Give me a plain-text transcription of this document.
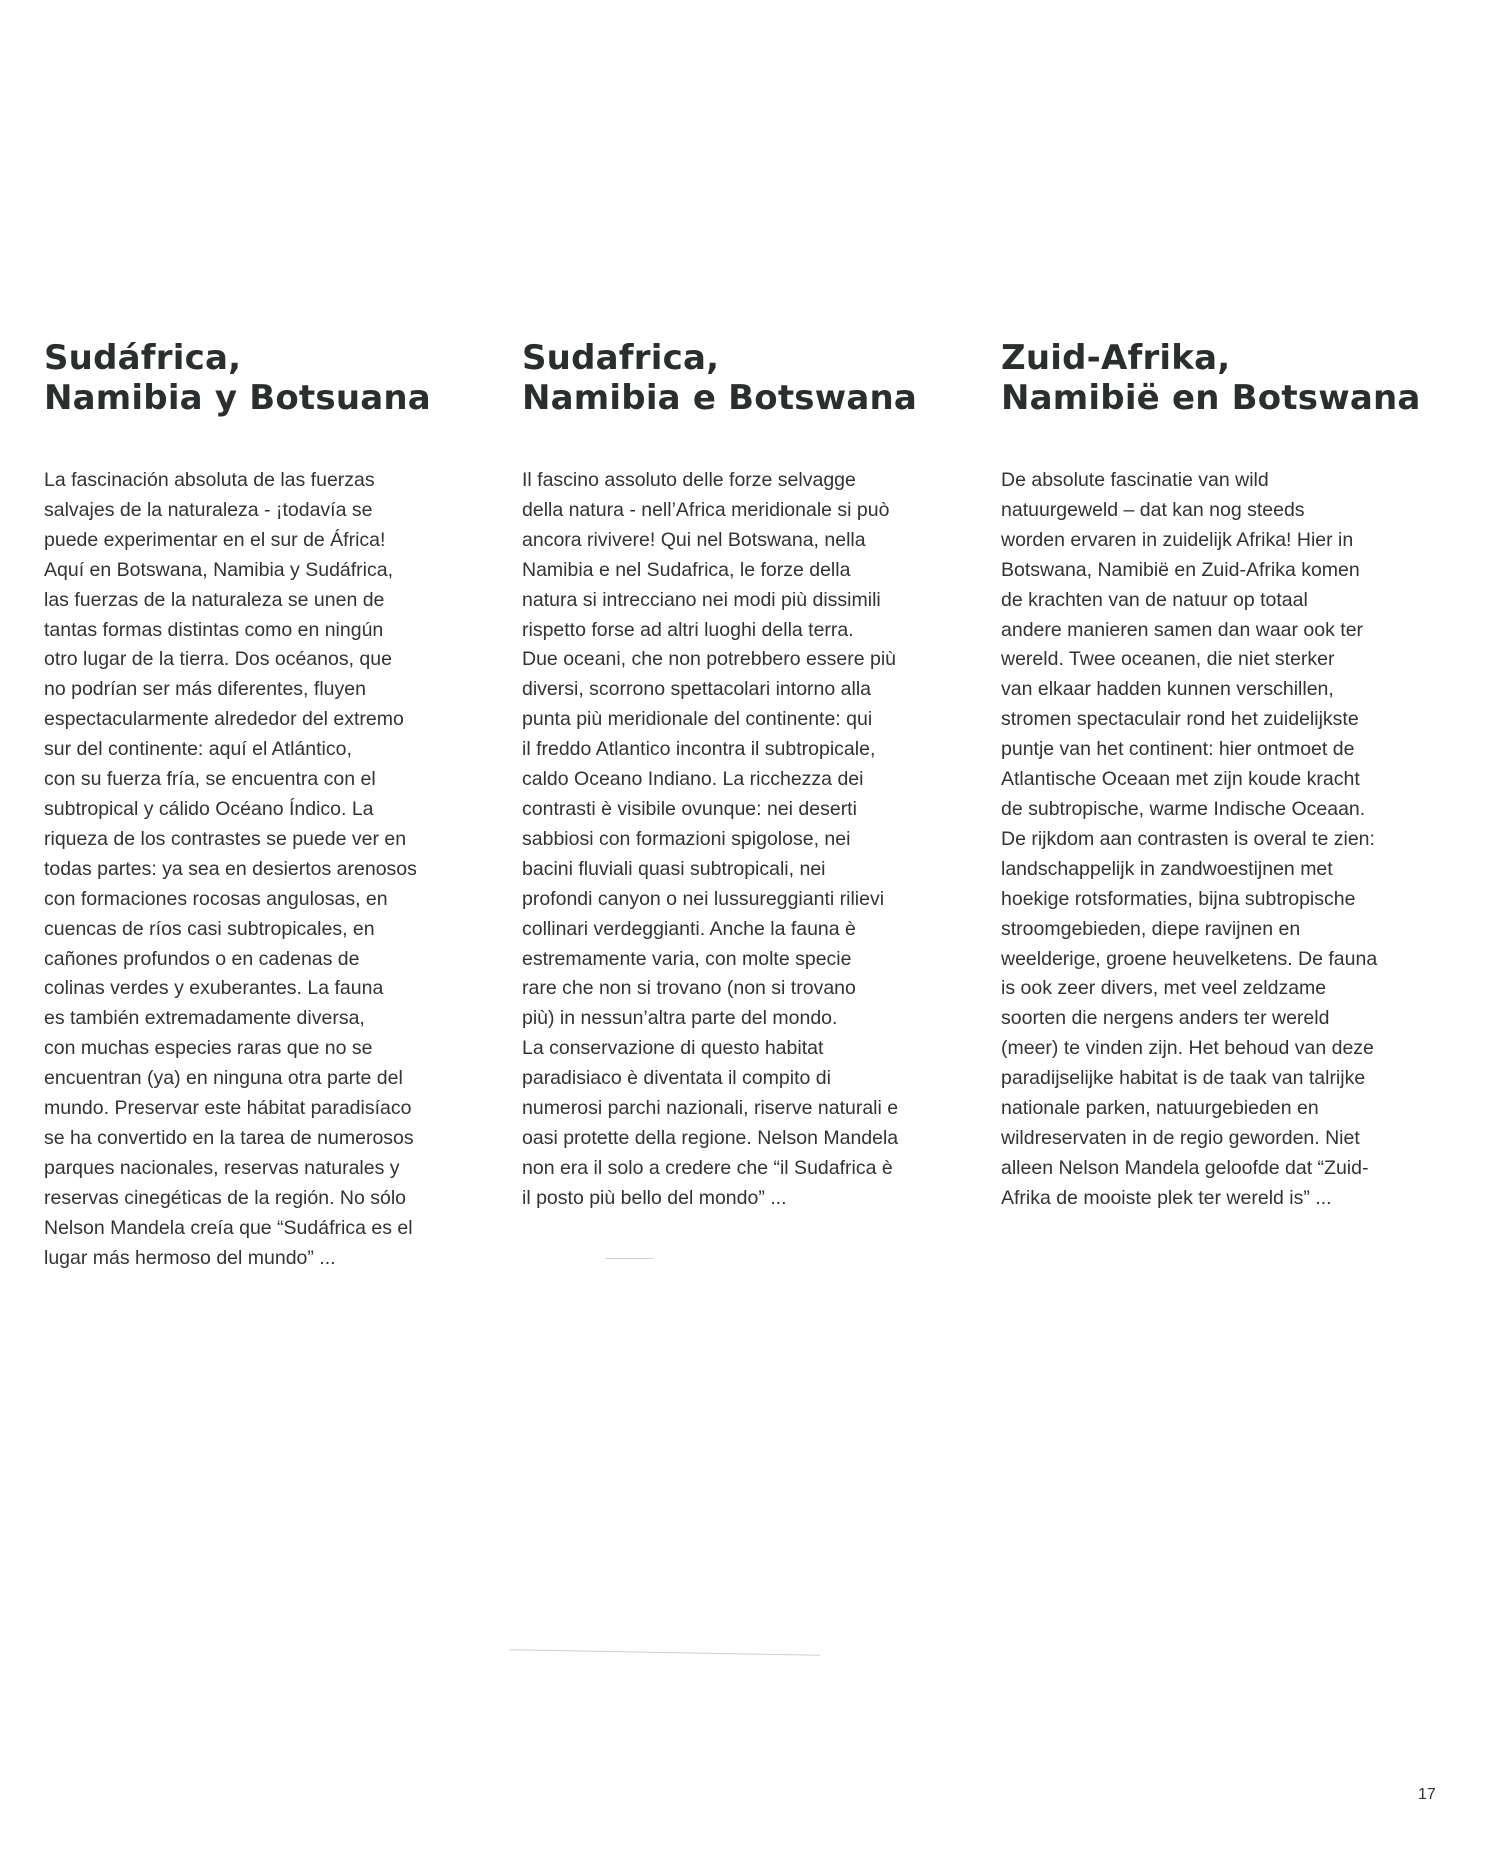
Sudáfrica,
Namibia y Botsuana
La fascinación absoluta de las fuerzas
salvajes de la naturaleza - ¡todavía se
puede experimentar en el sur de África!
Aquí en Botswana, Namibia y Sudáfrica,
las fuerzas de la naturaleza se unen de
tantas formas distintas como en ningún
otro lugar de la tierra. Dos océanos, que
no podrían ser más diferentes, fluyen
espectacularmente alrededor del extremo
sur del continente: aquí el Atlántico,
con su fuerza fría, se encuentra con el
subtropical y cálido Océano Índico. La
riqueza de los contrastes se puede ver en
todas partes: ya sea en desiertos arenosos
con formaciones rocosas angulosas, en
cuencas de ríos casi subtropicales, en
cañones profundos o en cadenas de
colinas verdes y exuberantes. La fauna
es también extremadamente diversa,
con muchas especies raras que no se
encuentran (ya) en ninguna otra parte del
mundo. Preservar este hábitat paradisíaco
se ha convertido en la tarea de numerosos
parques nacionales, reservas naturales y
reservas cinegéticas de la región. No sólo
Nelson Mandela creía que “Sudáfrica es el
lugar más hermoso del mundo” ...
Sudafrica,
Namibia e Botswana
Il fascino assoluto delle forze selvagge
della natura - nell’Africa meridionale si può
ancora rivivere! Qui nel Botswana, nella
Namibia e nel Sudafrica, le forze della
natura si intrecciano nei modi più dissimili
rispetto forse ad altri luoghi della terra.
Due oceani, che non potrebbero essere più
diversi, scorrono spettacolari intorno alla
punta più meridionale del continente: qui
il freddo Atlantico incontra il subtropicale,
caldo Oceano Indiano. La ricchezza dei
contrasti è visibile ovunque: nei deserti
sabbiosi con formazioni spigolose, nei
bacini fluviali quasi subtropicali, nei
profondi canyon o nei lussureggianti rilievi
collinari verdeggianti. Anche la fauna è
estremamente varia, con molte specie
rare che non si trovano (non si trovano
più) in nessun’altra parte del mondo.
La conservazione di questo habitat
paradisiaco è diventata il compito di
numerosi parchi nazionali, riserve naturali e
oasi protette della regione. Nelson Mandela
non era il solo a credere che “il Sudafrica è
il posto più bello del mondo” ...
Zuid-Afrika,
Namibië en Botswana
De absolute fascinatie van wild
natuurgeweld – dat kan nog steeds
worden ervaren in zuidelijk Afrika! Hier in
Botswana, Namibië en Zuid-Afrika komen
de krachten van de natuur op totaal
andere manieren samen dan waar ook ter
wereld. Twee oceanen, die niet sterker
van elkaar hadden kunnen verschillen,
stromen spectaculair rond het zuidelijkste
puntje van het continent: hier ontmoet de
Atlantische Oceaan met zijn koude kracht
de subtropische, warme Indische Oceaan.
De rijkdom aan contrasten is overal te zien:
landschappelijk in zandwoestijnen met
hoekige rotsformaties, bijna subtropische
stroomgebieden, diepe ravijnen en
weelderige, groene heuvelketens. De fauna
is ook zeer divers, met veel zeldzame
soorten die nergens anders ter wereld
(meer) te vinden zijn. Het behoud van deze
paradijselijke habitat is de taak van talrijke
nationale parken, natuurgebieden en
wildreservaten in de regio geworden. Niet
alleen Nelson Mandela geloofde dat “Zuid-
Afrika de mooiste plek ter wereld is” ...
17
